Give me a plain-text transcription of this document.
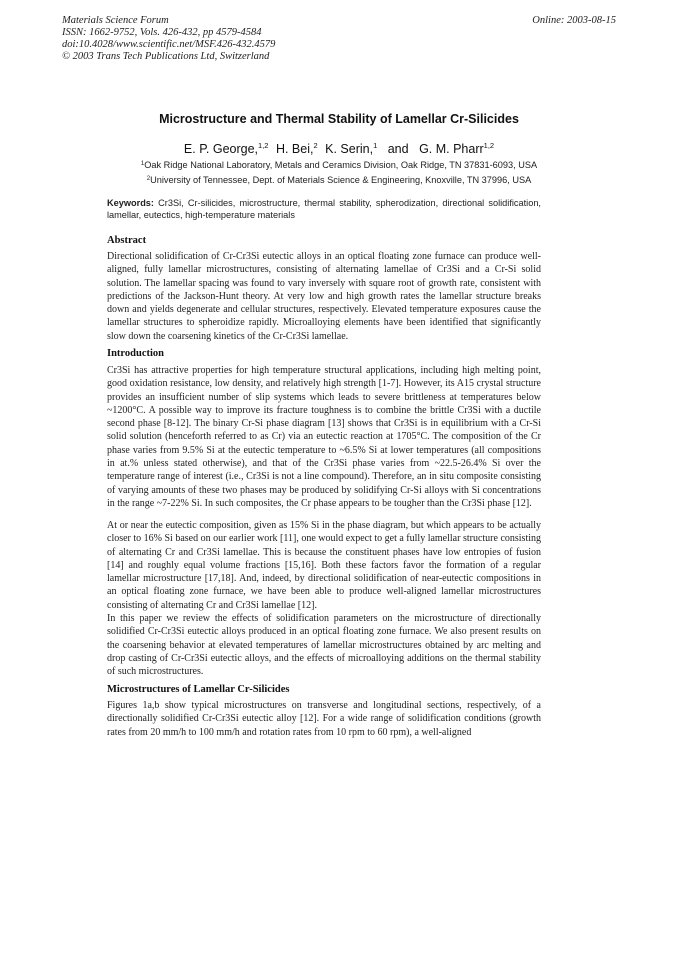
Materials Science Forum
ISSN: 1662-9752, Vols. 426-432, pp 4579-4584
doi:10.4028/www.scientific.net/MSF.426-432.4579
© 2003 Trans Tech Publications Ltd, Switzerland
Online: 2003-08-15
Microstructure and Thermal Stability of Lamellar Cr-Silicides
E. P. George,$^{1,2}$ H. Bei,$^2$ K. Serin,$^1$ and G. M. Pharr$^{1,2}$
$^1$Oak Ridge National Laboratory, Metals and Ceramics Division, Oak Ridge, TN 37831-6093, USA
$^2$University of Tennessee, Dept. of Materials Science & Engineering, Knoxville, TN 37996, USA
Keywords: Cr3Si, Cr-silicides, microstructure, thermal stability, spherodization, directional solidification, lamellar, eutectics, high-temperature materials
Abstract

Directional solidification of Cr-Cr3Si eutectic alloys in an optical floating zone furnace can produce well-aligned, fully lamellar microstructures, consisting of alternating lamellae of Cr3Si and a Cr-Si solid solution. The lamellar spacing was found to vary inversely with square root of growth rate, consistent with predictions of the Jackson-Hunt theory. At very low and high growth rates the lamellar structure breaks down and yields degenerate and cellular structures, respectively. Elevated temperature exposures cause the lamellar structures to spheroidize rapidly. Microalloying elements have been identified that significantly slow down the coarsening kinetics of the Cr-Cr3Si lamellae.

Introduction

Cr3Si has attractive properties for high temperature structural applications, including high melting point, good oxidation resistance, low density, and relatively high strength [1-7]. However, its A15 crystal structure provides an insufficient number of slip systems which leads to severe brittleness at temperatures below ~1200°C. A possible way to improve its fracture toughness is to combine the brittle Cr3Si with a ductile second phase [8-12]. The binary Cr-Si phase diagram [13] shows that Cr3Si is in equilibrium with a Cr-Si solid solution (henceforth referred to as Cr) via an eutectic reaction at 1705°C. The composition of the Cr phase varies from 9.5% Si at the eutectic temperature to ~6.5% Si at lower temperatures (all compositions in at.% unless stated otherwise), and that of the Cr3Si phase varies from ~22.5-26.4% Si over the temperature range of interest (i.e., Cr3Si is not a line compound). Therefore, an in situ composite consisting of varying amounts of these two phases may be produced by solidifying Cr-Si alloys with Si concentrations in the range ~7-22% Si. In such composites, the Cr phase appears to be tougher than the Cr3Si phase [12].

At or near the eutectic composition, given as 15% Si in the phase diagram, but which appears to be actually closer to 16% Si based on our earlier work [11], one would expect to get a fully lamellar structure consisting of alternating Cr and Cr3Si lamellae. This is because the constituent phases have low entropies of fusion [14] and roughly equal volume fractions [15,16]. Both these factors favor the formation of a regular lamellar microstructure [17,18]. And, indeed, by directional solidification of near-eutectic compositions in an optical floating zone furnace, we have been able to produce well-aligned lamellar microstructures consisting of alternating Cr and Cr3Si lamellae [12].

In this paper we review the effects of solidification parameters on the microstructure of directionally solidified Cr-Cr3Si eutectic alloys produced in an optical floating zone furnace. We also present results on the coarsening behavior at elevated temperatures of lamellar microstructures obtained by arc melting and drop casting of Cr-Cr3Si eutectic alloys, and the effects of microalloying additions on the thermal stability of such microstructures.

Microstructures of Lamellar Cr-Silicides

Figures 1a,b show typical microstructures on transverse and longitudinal sections, respectively, of a directionally solidified Cr-Cr3Si eutectic alloy [12]. For a wide range of solidification conditions (growth rates from 20 mm/h to 100 mm/h and rotation rates from 10 rpm to 60 rpm), a well-aligned
